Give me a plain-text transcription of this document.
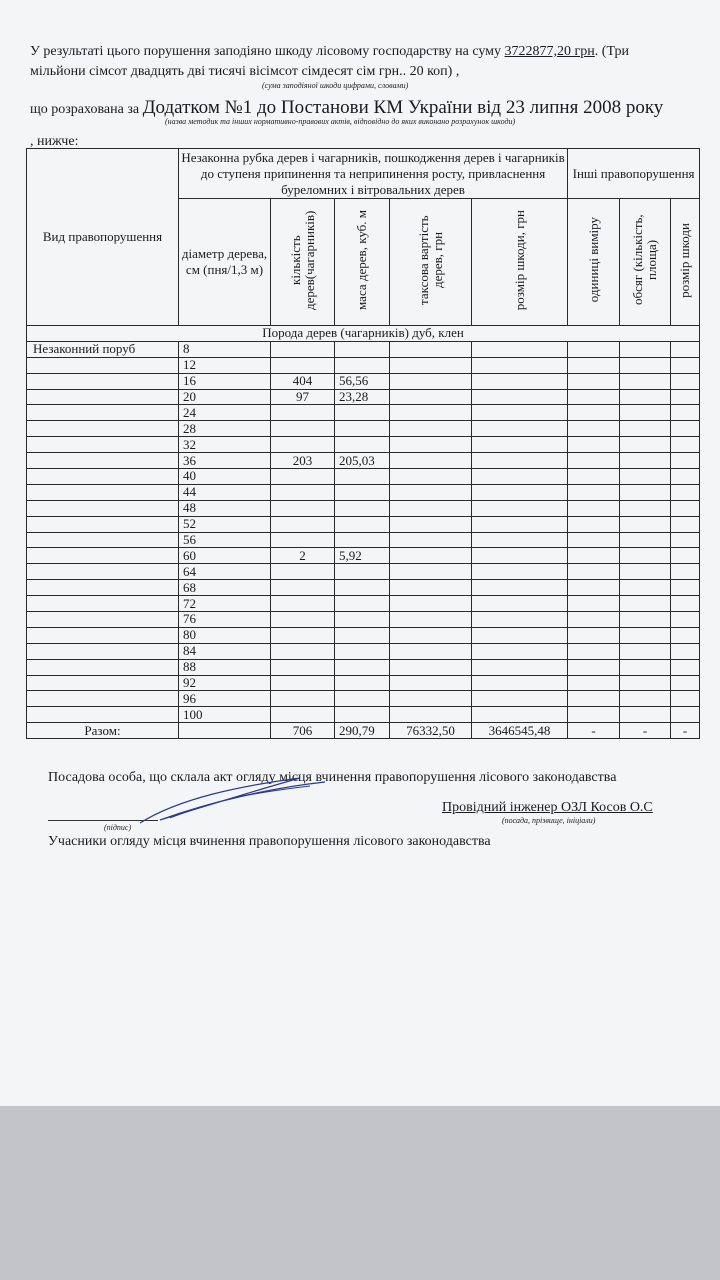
У результаті цього порушення заподіяно шкоду лісовому господарству на суму 3722877,20 грн. (Три
мільйони сімсот двадцять дві тисячі вісімсот сімдесят сім грн.. 20 коп) ,
(сума заподіяної шкоди цифрами, словами)
що розрахована за Додатком №1 до Постанови КМ України від 23 липня 2008 року
(назва методик та інших нормативно-правових актів, відповідно до яких виконано розрахунок шкоди)
, нижче:
Вид правопорушення	Незаконна рубка дерев і чагарників, пошкодження дерев і чагарників до ступеня припинення та неприпинення росту, привласнення буреломних і вітровальних дерев					Інші правопорушення		
	діаметр дерева, см (пня/1,3 м)	кількість дерев(чагарників)	маса дерев, куб. м	таксова вартість дерев, грн	розмір шкоди, грн	одиниці виміру	обсяг (кількість, площа)	розмір шкоди
Порода дерев (чагарників) дуб, клен								
Незаконний поруб	8							
	12							
	16	404	56,56					
	20	97	23,28					
	24							
	28							
	32							
	36	203	205,03					
	40							
	44							
	48							
	52							
	56							
	60	2	5,92					
	64							
	68							
	72							
	76							
	80							
	84							
	88							
	92							
	96							
	100							
Разом:		706	290,79	76332,50	3646545,48	-	-	-
Посадова особа, що склала акт огляду місця вчинення правопорушення лісового законодавства
Провідний інженер ОЗЛ Косов О.С
(посада, прізвище, ініціали)
(підпис)
Учасники огляду місця вчинення правопорушення лісового законодавства
